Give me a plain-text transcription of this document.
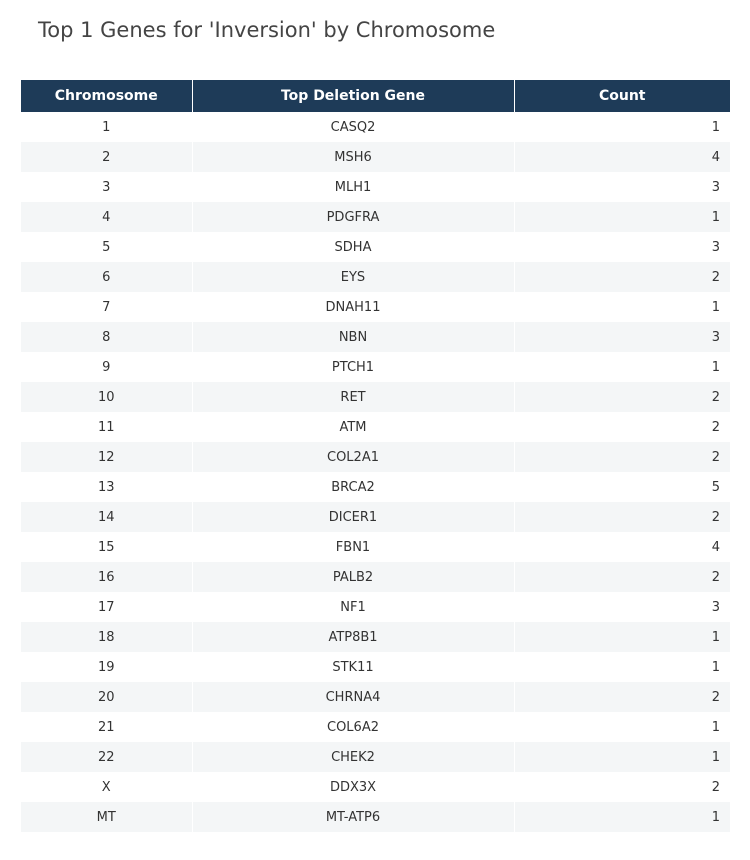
Top 1 Genes for 'Inversion' by Chromosome
Chromosome	Top Deletion Gene	Count
1	CASQ2	1
2	MSH6	4
3	MLH1	3
4	PDGFRA	1
5	SDHA	3
6	EYS	2
7	DNAH11	1
8	NBN	3
9	PTCH1	1
10	RET	2
11	ATM	2
12	COL2A1	2
13	BRCA2	5
14	DICER1	2
15	FBN1	4
16	PALB2	2
17	NF1	3
18	ATP8B1	1
19	STK11	1
20	CHRNA4	2
21	COL6A2	1
22	CHEK2	1
X	DDX3X	2
MT	MT-ATP6	1
